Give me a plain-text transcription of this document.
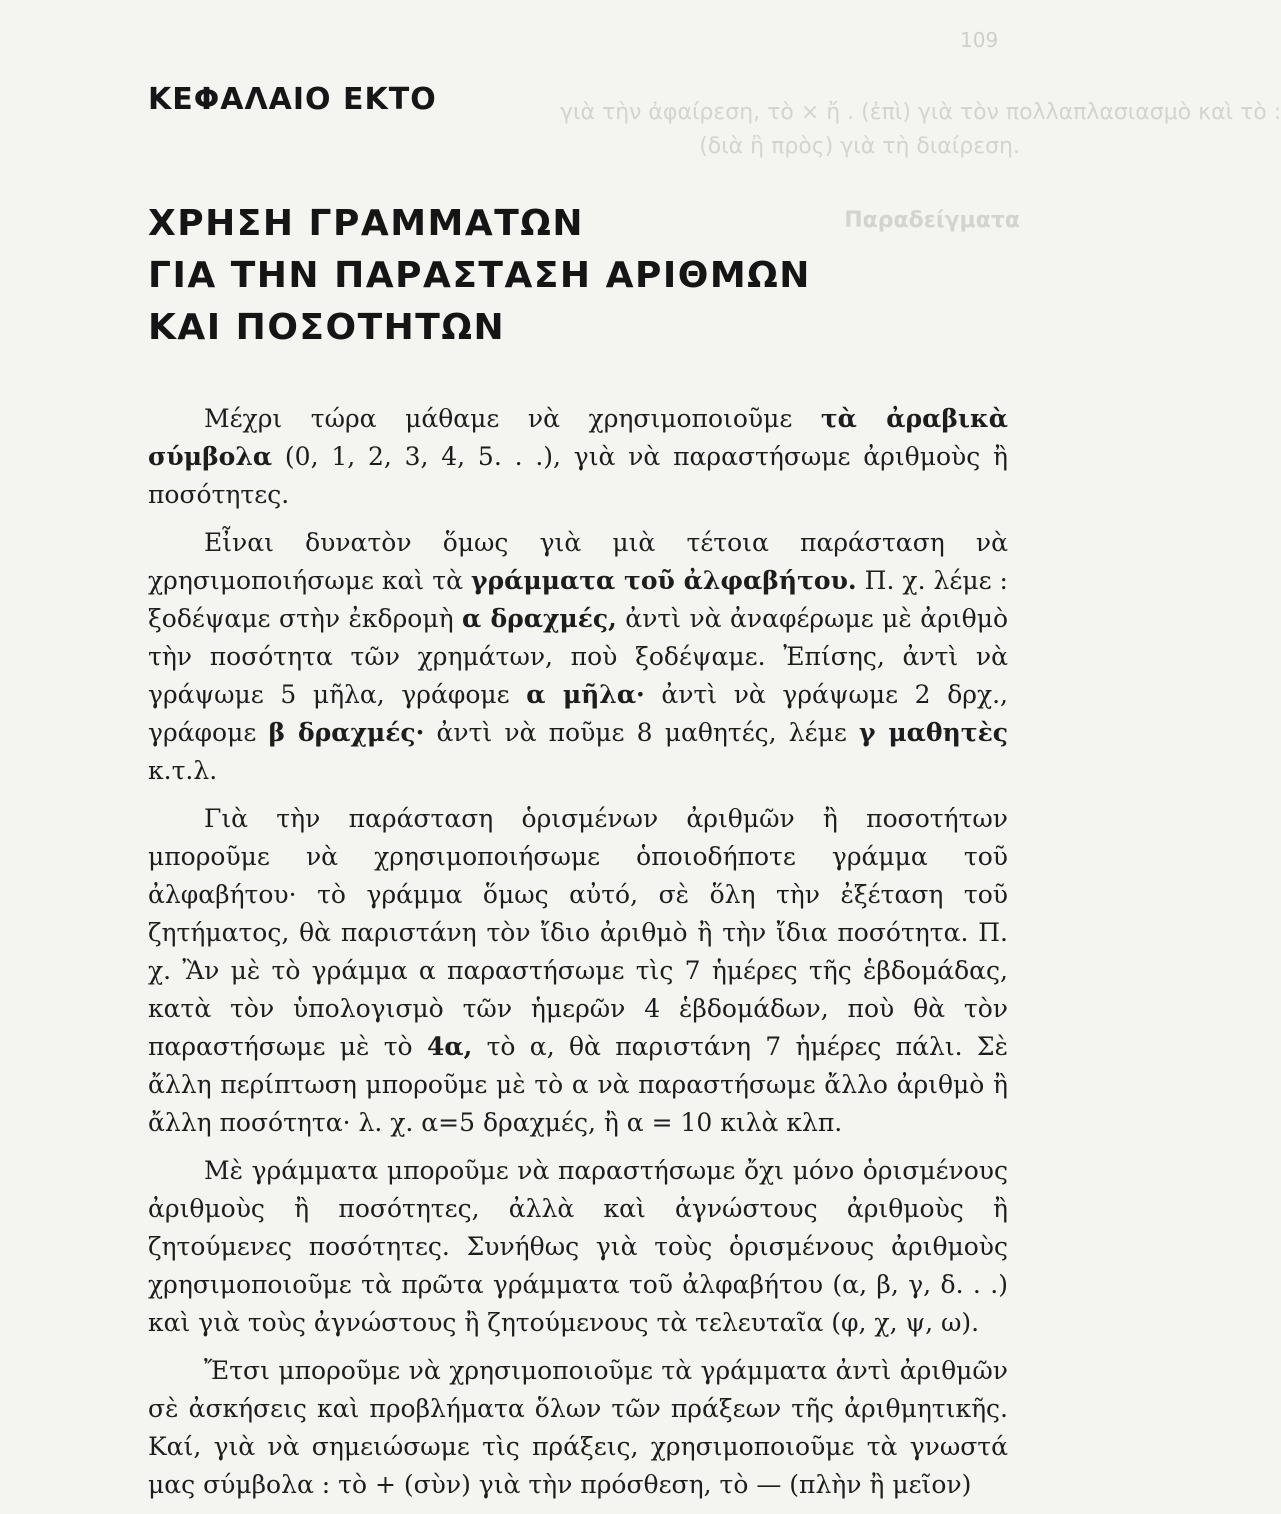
109
γιὰ τὴν ἀφαίρεση, τὸ × ἤ . (ἐπὶ) γιὰ τὸν πολλαπλασιασμὸ καὶ τὸ :
(διὰ ἢ πρὸς) γιὰ τὴ διαίρεση.
Παραδείγματα
ΚΕΦΑΛΑΙΟ ΕΚΤΟ
ΧΡΗΣΗ ΓΡΑΜΜΑΤΩΝ
ΓΙΑ ΤΗΝ ΠΑΡΑΣΤΑΣΗ ΑΡΙΘΜΩΝ
ΚΑΙ ΠΟΣΟΤΗΤΩΝ

Μέχρι τώρα μάθαμε νὰ χρησιμοποιοῦμε τὰ ἀραβικὰ σύμβολα (0, 1, 2, 3, 4, 5. . .), γιὰ νὰ παραστήσωμε ἀριθμοὺς ἢ ποσότητες.

Εἶναι δυνατὸν ὅμως γιὰ μιὰ τέτοια παράσταση νὰ χρησιμοποιήσωμε καὶ τὰ γράμματα τοῦ ἀλφαβήτου. Π. χ. λέμε : ξοδέψαμε στὴν ἐκδρομὴ α δραχμές, ἀντὶ νὰ ἀναφέρωμε μὲ ἀριθμὸ τὴν ποσότητα τῶν χρημάτων, ποὺ ξοδέψαμε. Ἐπίσης, ἀντὶ νὰ γράψωμε 5 μῆλα, γράφομε α μῆλα· ἀντὶ νὰ γράψωμε 2 δρχ., γράφομε β δραχμές· ἀντὶ νὰ ποῦμε 8 μαθητές, λέμε γ μαθητὲς κ.τ.λ.

Γιὰ τὴν παράσταση ὁρισμένων ἀριθμῶν ἢ ποσοτήτων μποροῦμε νὰ χρησιμοποιήσωμε ὁποιοδήποτε γράμμα τοῦ ἀλφαβήτου· τὸ γράμμα ὅμως αὐτό, σὲ ὅλη τὴν ἐξέταση τοῦ ζητήματος, θὰ παριστάνη τὸν ἴδιο ἀριθμὸ ἢ τὴν ἴδια ποσότητα. Π. χ. Ἂν μὲ τὸ γράμμα α παραστήσωμε τὶς 7 ἡμέρες τῆς ἑβδομάδας, κατὰ τὸν ὑπολογισμὸ τῶν ἡμερῶν 4 ἑβδομάδων, ποὺ θὰ τὸν παραστήσωμε μὲ τὸ 4α, τὸ α, θὰ παριστάνη 7 ἡμέρες πάλι. Σὲ ἄλλη περίπτωση μποροῦμε μὲ τὸ α νὰ παραστήσωμε ἄλλο ἀριθμὸ ἢ ἄλλη ποσότητα· λ. χ. α=5 δραχμές, ἢ α = 10 κιλὰ κλπ.

Μὲ γράμματα μποροῦμε νὰ παραστήσωμε ὄχι μόνο ὁρισμένους ἀριθμοὺς ἢ ποσότητες, ἀλλὰ καὶ ἀγνώστους ἀριθμοὺς ἢ ζητούμενες ποσότητες. Συνήθως γιὰ τοὺς ὁρισμένους ἀριθμοὺς χρησιμοποιοῦμε τὰ πρῶτα γράμματα τοῦ ἀλφαβήτου (α, β, γ, δ. . .) καὶ γιὰ τοὺς ἀγνώστους ἢ ζητούμενους τὰ τελευταῖα (φ, χ, ψ, ω).

Ἔτσι μποροῦμε νὰ χρησιμοποιοῦμε τὰ γράμματα ἀντὶ ἀριθμῶν σὲ ἀσκήσεις καὶ προβλήματα ὅλων τῶν πράξεων τῆς ἀριθμητικῆς. Καί, γιὰ νὰ σημειώσωμε τὶς πράξεις, χρησιμοποιοῦμε τὰ γνωστά μας σύμβολα : τὸ + (σὺν) γιὰ τὴν πρόσθεση, τὸ — (πλὴν ἢ μεῖον)
